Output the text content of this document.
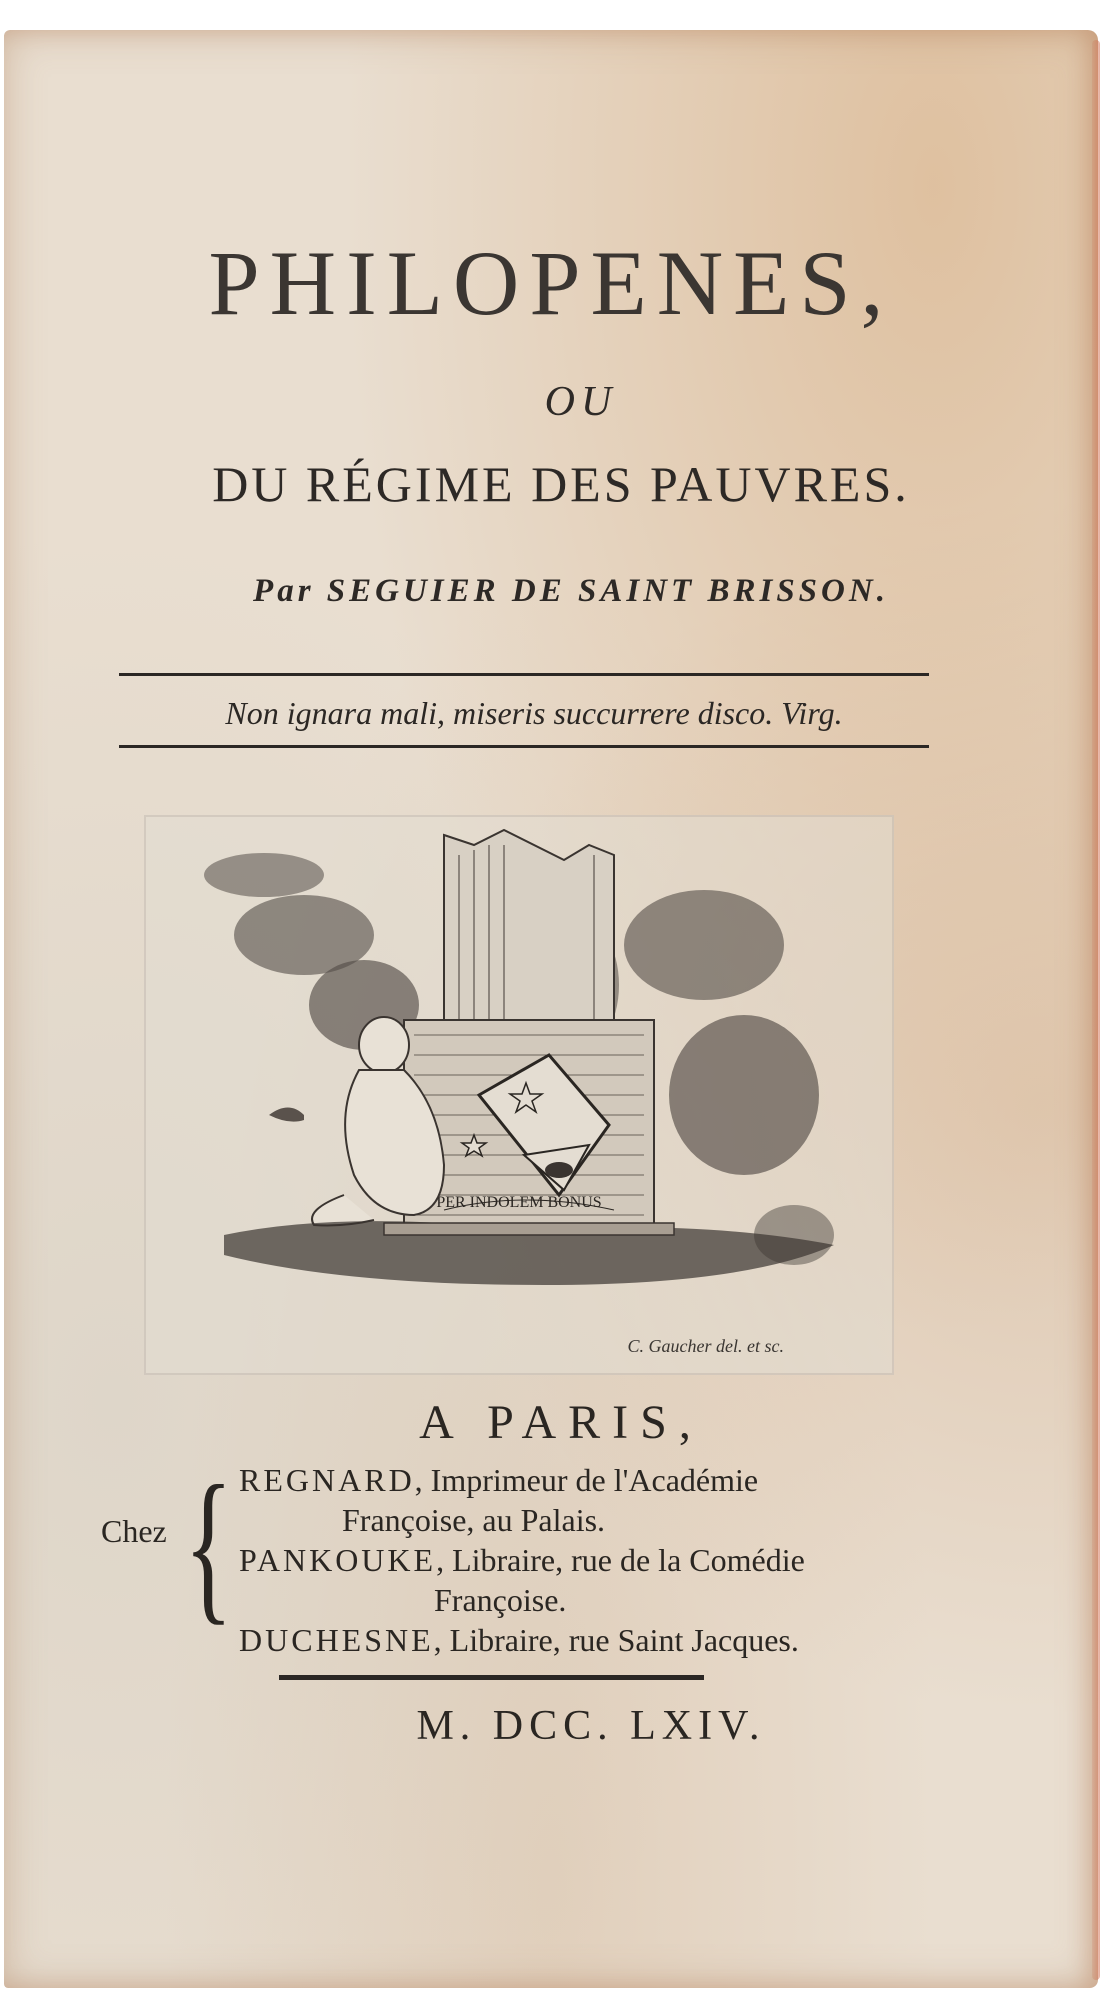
PHILOPENES,
OU
DU RÉGIME DES PAUVRES.
Par SEGUIER DE SAINT BRISSON.
Non ignara mali, miseris succurrere disco. Virg.
PER INDOLEM BONUS
C. Gaucher del. et sc.
A PARIS,
Chez { REGNARD, Imprimeur de l'Académie
Françoise, au Palais.
PANKOUKE, Libraire, rue de la Comédie
Françoise.
DUCHESNE, Libraire, rue Saint Jacques.
M. DCC. LXIV.
